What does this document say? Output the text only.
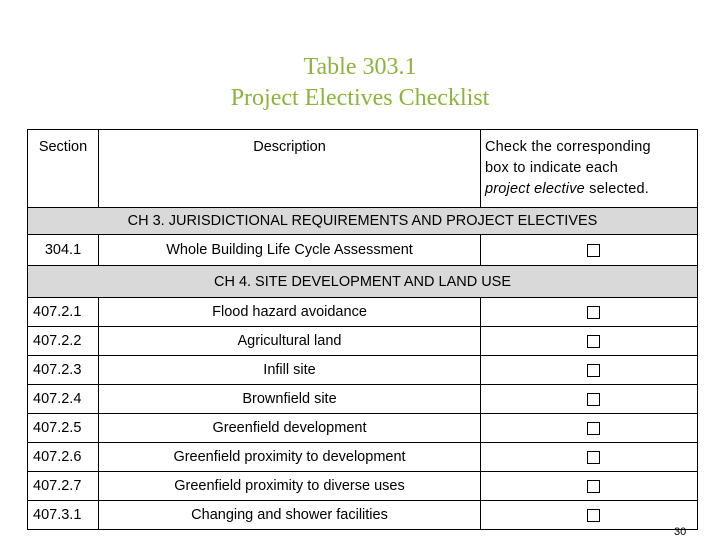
Table 303.1
Project Electives Checklist
Section	Description	Check the corresponding
box to indicate each
project elective selected.
CH 3. JURISDICTIONAL REQUIREMENTS AND PROJECT ELECTIVES		
304.1	Whole Building Life Cycle Assessment	
CH 4. SITE DEVELOPMENT AND LAND USE		
407.2.1	Flood hazard avoidance	
407.2.2	Agricultural land	
407.2.3	Infill site	
407.2.4	Brownfield site	
407.2.5	Greenfield development	
407.2.6	Greenfield proximity to development	
407.2.7	Greenfield proximity to diverse uses	
407.3.1	Changing and shower facilities	
30
